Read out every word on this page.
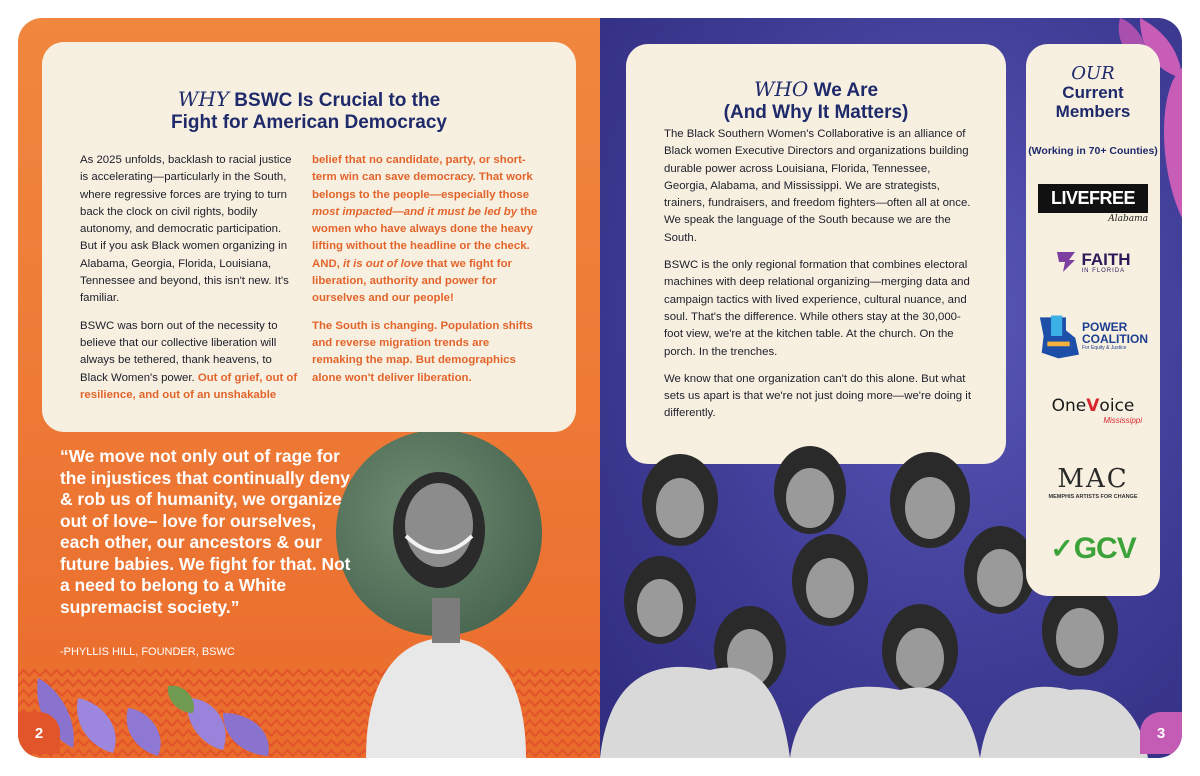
WHY BSWC Is Crucial to the
Fight for American Democracy

As 2025 unfolds, backlash to racial justice is accelerating—particularly in the South, where regressive forces are trying to turn back the clock on civil rights, bodily autonomy, and democratic participation. But if you ask Black women organizing in Alabama, Georgia, Florida, Louisiana, Tennessee and beyond, this isn't new. It's familiar.

BSWC was born out of the necessity to believe that our collective liberation will always be tethered, thank heavens, to Black Women's power. Out of grief, out of resilience, and out of an unshakable

belief that no candidate, party, or short-term win can save democracy. That work belongs to the people—especially those most impacted—and it must be led by the women who have always done the heavy lifting without the headline or the check. AND, it is out of love that we fight for liberation, authority and power for ourselves and our people!

The South is changing. Population shifts and reverse migration trends are remaking the map. But demographics alone won't deliver liberation.

“We move not only out of rage for the injustices that continually deny & rob us of humanity, we organize out of love– love for ourselves, each other, our ancestors & our future babies. We fight for that. Not a need to belong to a White supremacist society.”
-PHYLLIS HILL, FOUNDER, BSWC
2
WHO We Are
(And Why It Matters)

The Black Southern Women's Collaborative is an alliance of Black women Executive Directors and organizations building durable power across Louisiana, Florida, Tennessee, Georgia, Alabama, and Mississippi. We are strategists, trainers, fundraisers, and freedom fighters—often all at once. We speak the language of the South because we are the South.

BSWC is the only regional formation that combines electoral machines with deep relational organizing—merging data and campaign tactics with lived experience, cultural nuance, and soul. That's the difference. While others stay at the 30,000-foot view, we're at the kitchen table. At the church. On the porch. In the trenches.

We know that one organization can't do this alone. But what sets us apart is that we're not just doing more—we're doing it differently.

OUR
Current
Members
(Working in 70+ Counties)
LIVEFREE
Alabama
FAITH
IN FLORIDA
POWER
COALITION
For Equity & Justice
OneVoice
Mississippi
MAC
MEMPHIS ARTISTS FOR CHANGE
✓GCV
3
